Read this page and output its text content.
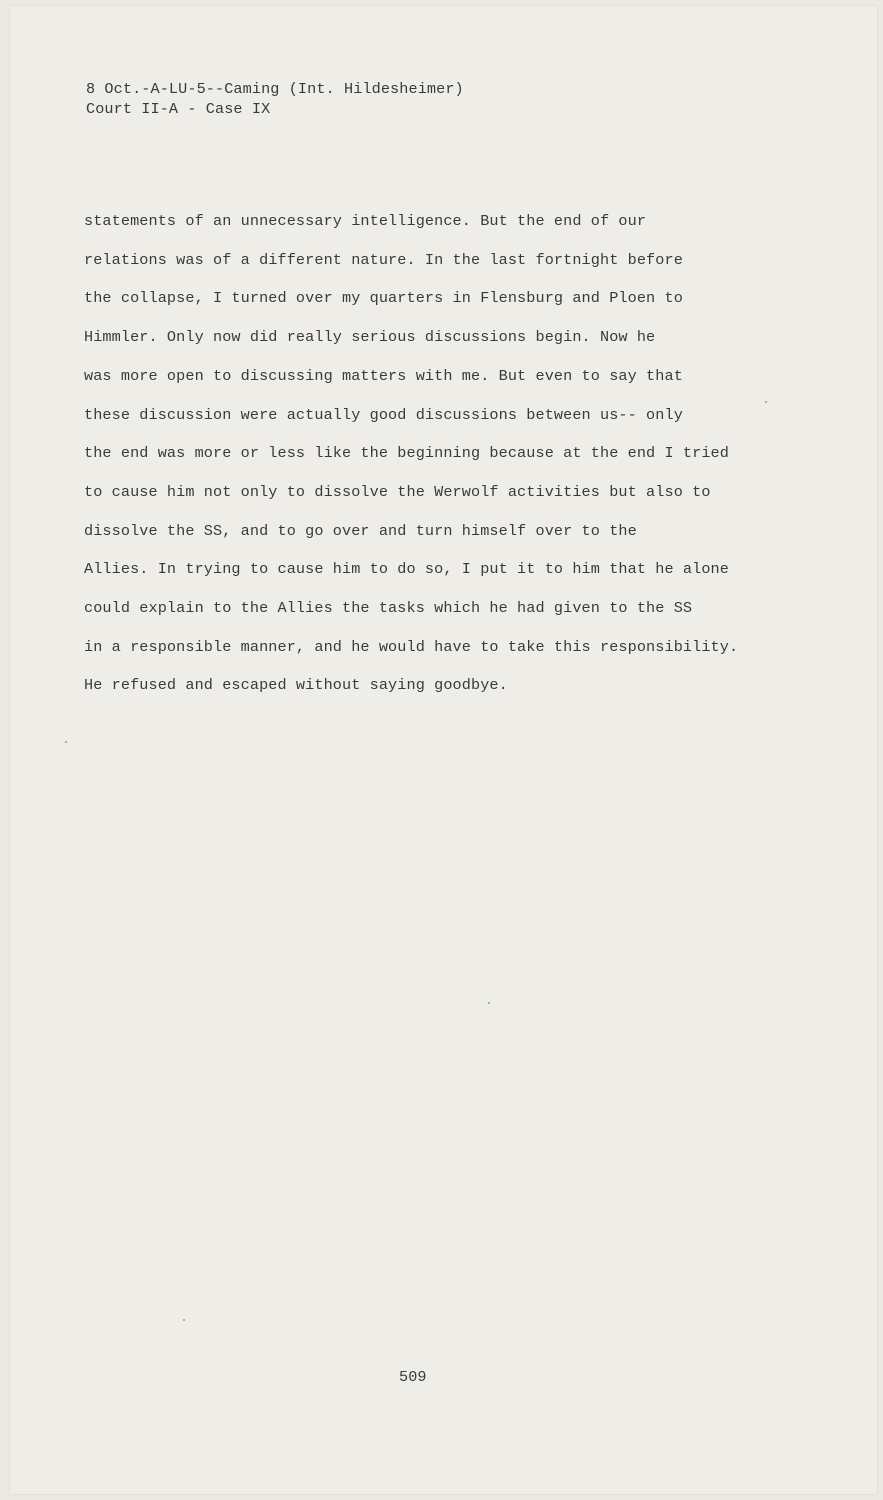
8 Oct.-A-LU-5--Caming (Int. Hildesheimer)
Court II-A - Case IX
statements of an unnecessary intelligence. But the end of our
relations was of a different nature. In the last fortnight before
the collapse, I turned over my quarters in Flensburg and Ploen to
Himmler. Only now did really serious discussions begin. Now he
was more open to discussing matters with me. But even to say that
these discussion were actually good discussions between us-- only
the end was more or less like the beginning because at the end I tried
to cause him not only to dissolve the Werwolf activities but also to
dissolve the SS, and to go over and turn himself over to the
Allies. In trying to cause him to do so, I put it to him that he alone
could explain to the Allies the tasks which he had given to the SS
in a responsible manner, and he would have to take this responsibility.
He refused and escaped without saying goodbye.
509
